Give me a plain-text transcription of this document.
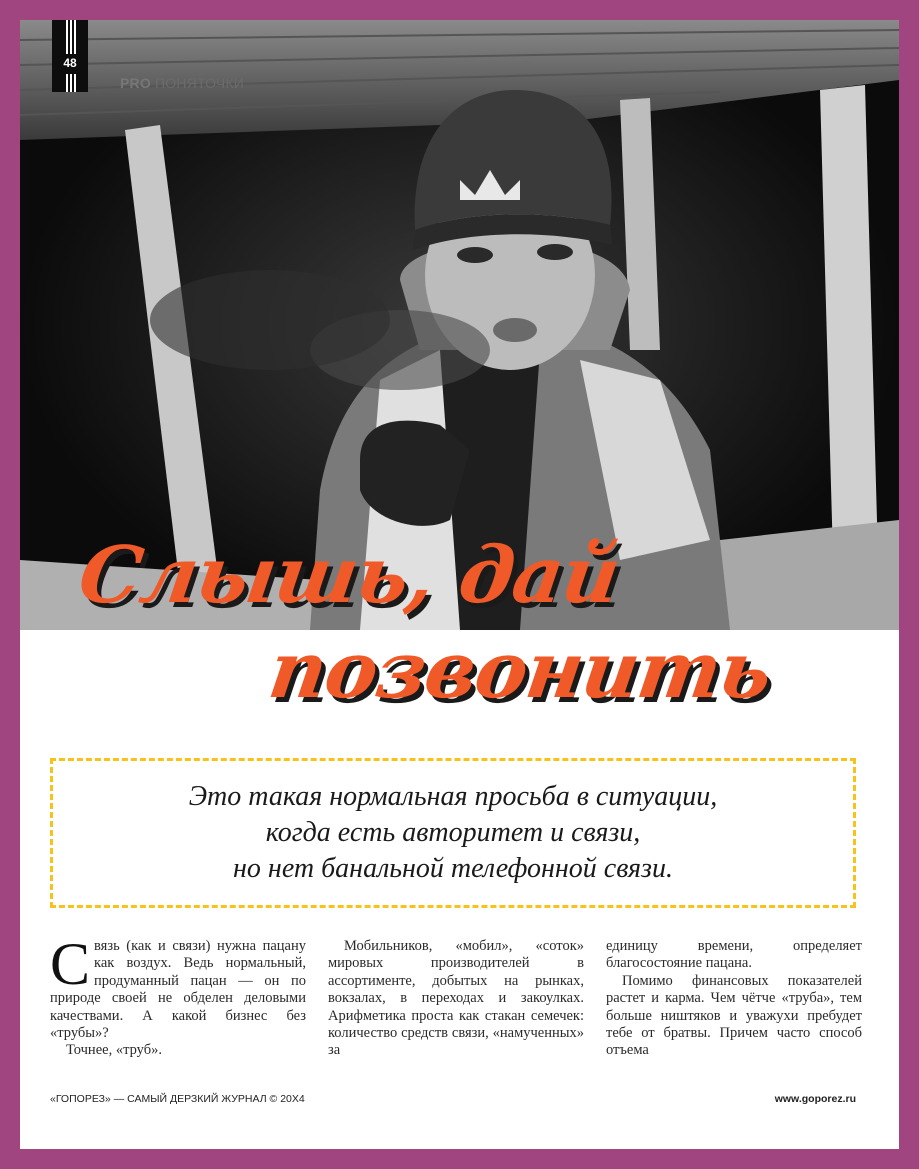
48
PRO ПОНЯТОЧКИ
Слышь, дай
позвонить
Это такая нормальная просьба в ситуации,
когда есть авторитет и связи,
но нет банальной телефонной связи.

Связь (как и связи) нужна пацану как воздух. Ведь нормальный, продуманный пацан — он по природе своей не обделен деловыми качествами. А какой бизнес без «трубы»?

Точнее, «труб».

Мобильников, «мобил», «соток» мировых производителей в ассортименте, добытых на рынках, вокзалах, в переходах и закоулках. Арифметика проста как стакан семечек: количество средств связи, «намученных» за

единицу времени, определяет благосостояние пацана.

Помимо финансовых показателей растет и карма. Чем чётче «труба», тем больше ништяков и уважухи пребудет тебе от братвы. Причем часто способ отъема

«ГОПОРЕЗ» — САМЫЙ ДЕРЗКИЙ ЖУРНАЛ © 20X4	www.goporez.ru
